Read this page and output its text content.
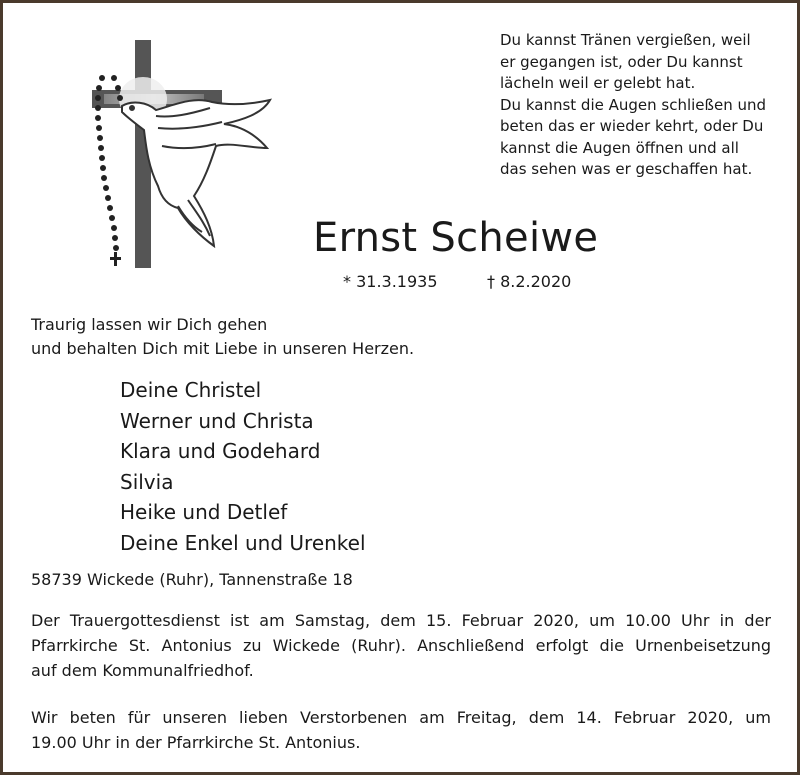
Du kannst Tränen vergießen, weil
er gegangen ist, oder Du kannst
lächeln weil er gelebt hat.
Du kannst die Augen schließen und
beten das er wieder kehrt, oder Du
kannst die Augen öffnen und all
das sehen was er geschaffen hat.
Ernst Scheiwe
* 31.3.1935	† 8.2.2020
Traurig lassen wir Dich gehen
und behalten Dich mit Liebe in unseren Herzen.
Deine Christel
Werner und Christa
Klara und Godehard
Silvia
Heike und Detlef
Deine Enkel und Urenkel
58739 Wickede (Ruhr), Tannenstraße 18
Der Trauergottesdienst ist am Samstag, dem 15. Februar 2020, um 10.00 Uhr in der
Pfarrkirche St. Antonius zu Wickede (Ruhr). Anschließend erfolgt die Urnenbeisetzung
auf dem Kommunalfriedhof.
Wir beten für unseren lieben Verstorbenen am Freitag, dem 14. Februar 2020, um
19.00 Uhr in der Pfarrkirche St. Antonius.
